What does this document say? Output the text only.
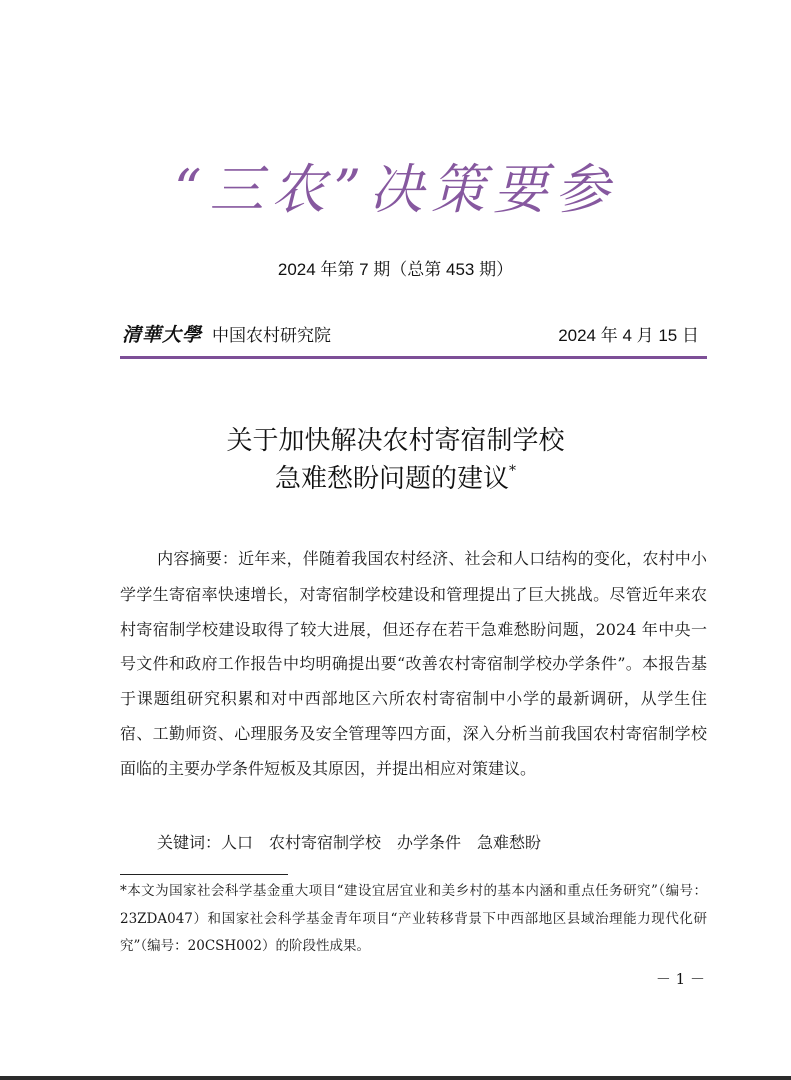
“三农”决策要参
2024 年第 7 期（总第 453 期）
清華大學 中国农村研究院	2024 年 4 月 15 日
关于加快解决农村寄宿制学校
急难愁盼问题的建议*
内容摘要：近年来，伴随着我国农村经济、社会和人口结构的变化，农村中小学学生寄宿率快速增长，对寄宿制学校建设和管理提出了巨大挑战。尽管近年来农村寄宿制学校建设取得了较大进展，但还存在若干急难愁盼问题，2024 年中央一号文件和政府工作报告中均明确提出要“改善农村寄宿制学校办学条件”。本报告基于课题组研究积累和对中西部地区六所农村寄宿制中小学的最新调研，从学生住宿、工勤师资、心理服务及安全管理等四方面，深入分析当前我国农村寄宿制学校面临的主要办学条件短板及其原因，并提出相应对策建议。
关键词：人口　农村寄宿制学校　办学条件　急难愁盼
*本文为国家社会科学基金重大项目“建设宜居宜业和美乡村的基本内涵和重点任务研究”（编号：23ZDA047）和国家社会科学基金青年项目“产业转移背景下中西部地区县域治理能力现代化研究”（编号：20CSH002）的阶段性成果。
－ 1 －
